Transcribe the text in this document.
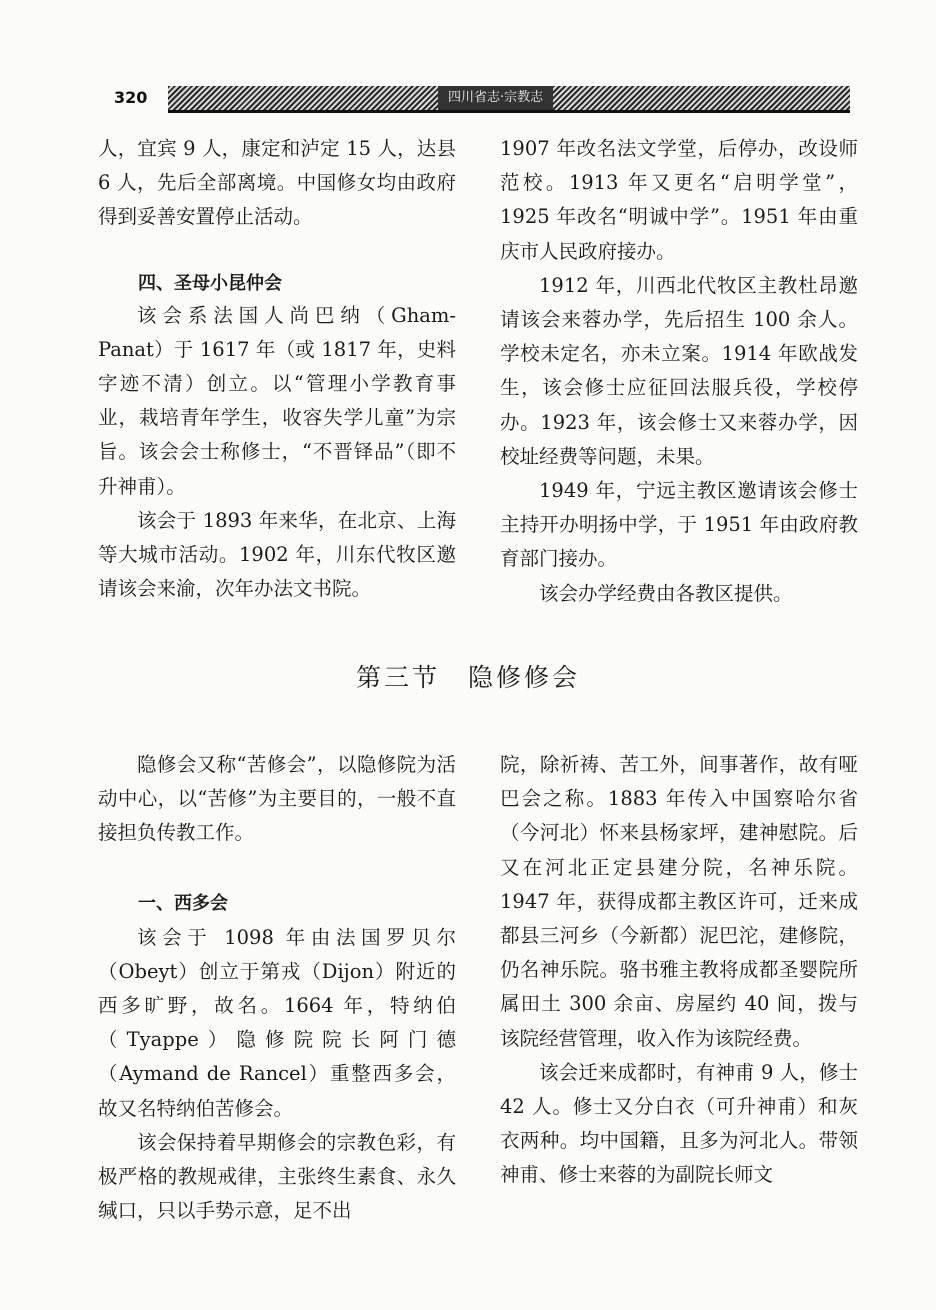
320	四川省志·宗教志

人，宜宾 9 人，康定和泸定 15 人，达县 6 人，先后全部离境。中国修女均由政府得到妥善安置停止活动。

四、圣母小昆仲会

该会系法国人尚巴纳（Gham-Panat）于 1617 年（或 1817 年，史料字迹不清）创立。以“管理小学教育事业，栽培青年学生，收容失学儿童”为宗旨。该会会士称修士，“不晋铎品”（即不升神甫）。

该会于 1893 年来华，在北京、上海等大城市活动。1902 年，川东代牧区邀请该会来渝，次年办法文书院。

1907 年改名法文学堂，后停办，改设师范校。1913 年又更名“启明学堂”，1925 年改名“明诚中学”。1951 年由重庆市人民政府接办。

1912 年，川西北代牧区主教杜昂邀请该会来蓉办学，先后招生 100 余人。学校未定名，亦未立案。1914 年欧战发生，该会修士应征回法服兵役，学校停办。1923 年，该会修士又来蓉办学，因校址经费等问题，未果。

1949 年，宁远主教区邀请该会修士主持开办明扬中学，于 1951 年由政府教育部门接办。

该会办学经费由各教区提供。

第三节　隐修修会

隐修会又称“苦修会”，以隐修院为活动中心，以“苦修”为主要目的，一般不直接担负传教工作。

一、西多会

该会于 1098 年由法国罗贝尔（Obeyt）创立于第戎（Dijon）附近的西多旷野，故名。1664 年，特纳伯（Tyappe）隐修院院长阿门德（Aymand de Rancel）重整西多会，故又名特纳伯苦修会。

该会保持着早期修会的宗教色彩，有极严格的教规戒律，主张终生素食、永久缄口，只以手势示意，足不出

院，除祈祷、苦工外，间事著作，故有哑巴会之称。1883 年传入中国察哈尔省（今河北）怀来县杨家坪，建神慰院。后又在河北正定县建分院，名神乐院。1947 年，获得成都主教区许可，迁来成都县三河乡（今新都）泥巴沱，建修院，仍名神乐院。骆书雅主教将成都圣婴院所属田土 300 余亩、房屋约 40 间，拨与该院经营管理，收入作为该院经费。

该会迁来成都时，有神甫 9 人，修士 42 人。修士又分白衣（可升神甫）和灰衣两种。均中国籍，且多为河北人。带领神甫、修士来蓉的为副院长师文
